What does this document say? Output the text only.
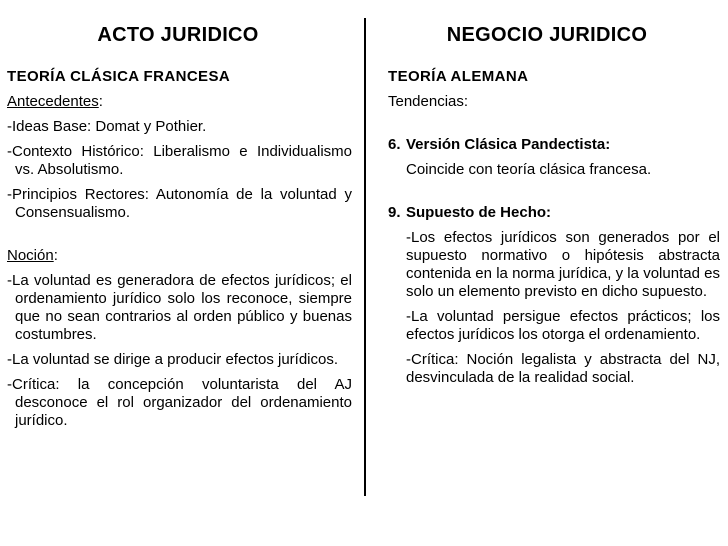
ACTO JURIDICO	NEGOCIO JURIDICO
TEORÍA CLÁSICA FRANCESA
Antecedentes:
-Ideas Base: Domat y Pothier.
-Contexto Histórico: Liberalismo e Individualismo vs. Absolutismo.
-Principios Rectores: Autonomía de la voluntad y Consensualismo.
Noción:
-La voluntad es generadora de efectos jurídicos; el ordenamiento jurídico solo los reconoce, siempre que no sean contrarios al orden público y buenas costumbres.
-La voluntad se dirige a producir efectos jurídicos.
-Crítica: la concepción voluntarista del AJ desconoce el rol organizador del ordenamiento jurídico.
TEORÍA ALEMANA
Tendencias:
6. Versión Clásica Pandectista:
Coincide con teoría clásica francesa.
9. Supuesto de Hecho:
-Los efectos jurídicos son generados por el supuesto normativo o hipótesis abstracta contenida en la norma jurídica, y la voluntad es solo un elemento previsto en dicho supuesto.
-La voluntad persigue efectos prácticos; los efectos jurídicos los otorga el ordenamiento.
-Crítica: Noción legalista y abstracta del NJ, desvinculada de la realidad social.
